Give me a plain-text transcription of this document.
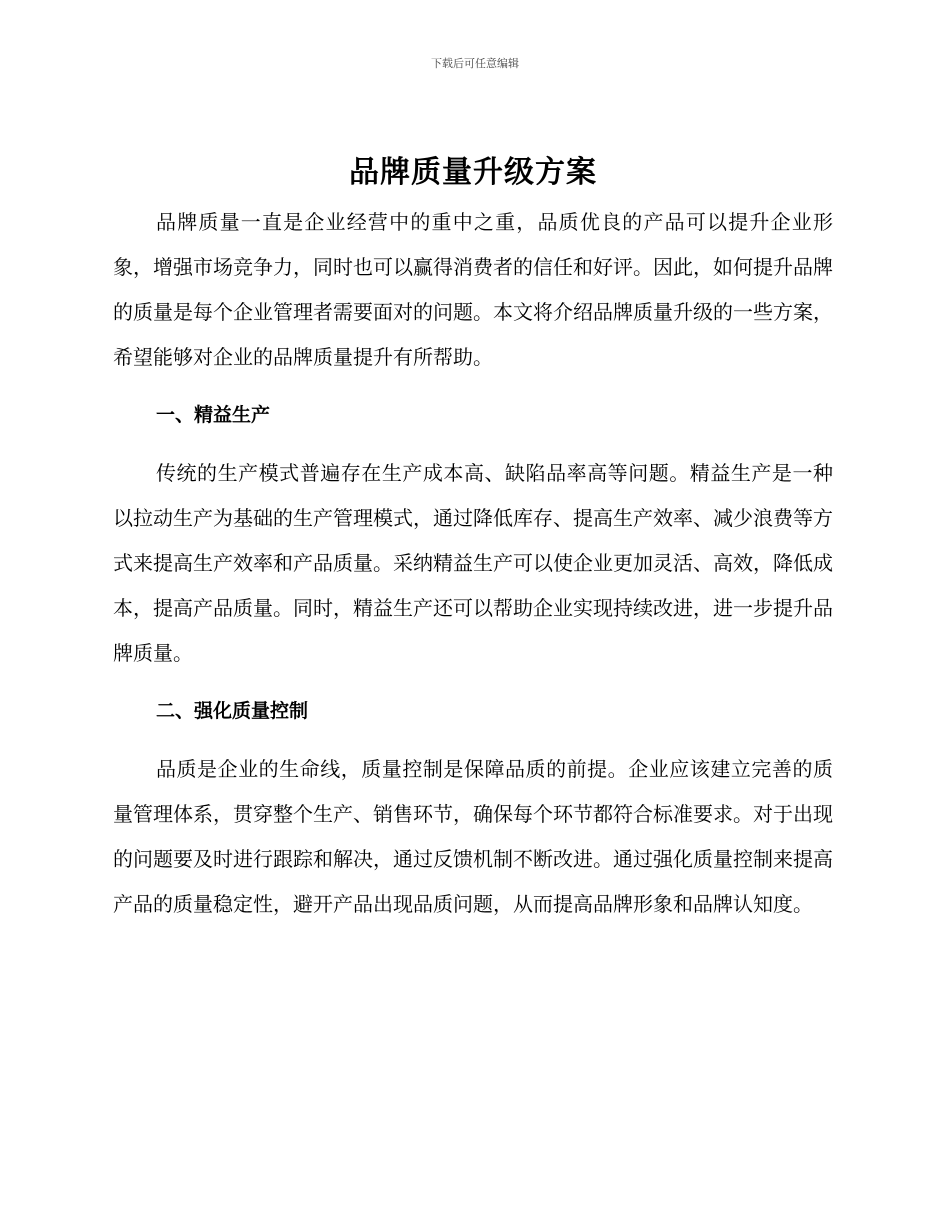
下载后可任意编辑
品牌质量升级方案

品牌质量一直是企业经营中的重中之重，品质优良的产品可以提升企业形象，增强市场竞争力，同时也可以赢得消费者的信任和好评。因此，如何提升品牌的质量是每个企业管理者需要面对的问题。本文将介绍品牌质量升级的一些方案，希望能够对企业的品牌质量提升有所帮助。

一、精益生产

传统的生产模式普遍存在生产成本高、缺陷品率高等问题。精益生产是一种以拉动生产为基础的生产管理模式，通过降低库存、提高生产效率、减少浪费等方式来提高生产效率和产品质量。采纳精益生产可以使企业更加灵活、高效，降低成本，提高产品质量。同时，精益生产还可以帮助企业实现持续改进，进一步提升品牌质量。

二、强化质量控制

品质是企业的生命线，质量控制是保障品质的前提。企业应该建立完善的质量管理体系，贯穿整个生产、销售环节，确保每个环节都符合标准要求。对于出现的问题要及时进行跟踪和解决，通过反馈机制不断改进。通过强化质量控制来提高产品的质量稳定性，避开产品出现品质问题，从而提高品牌形象和品牌认知度。
